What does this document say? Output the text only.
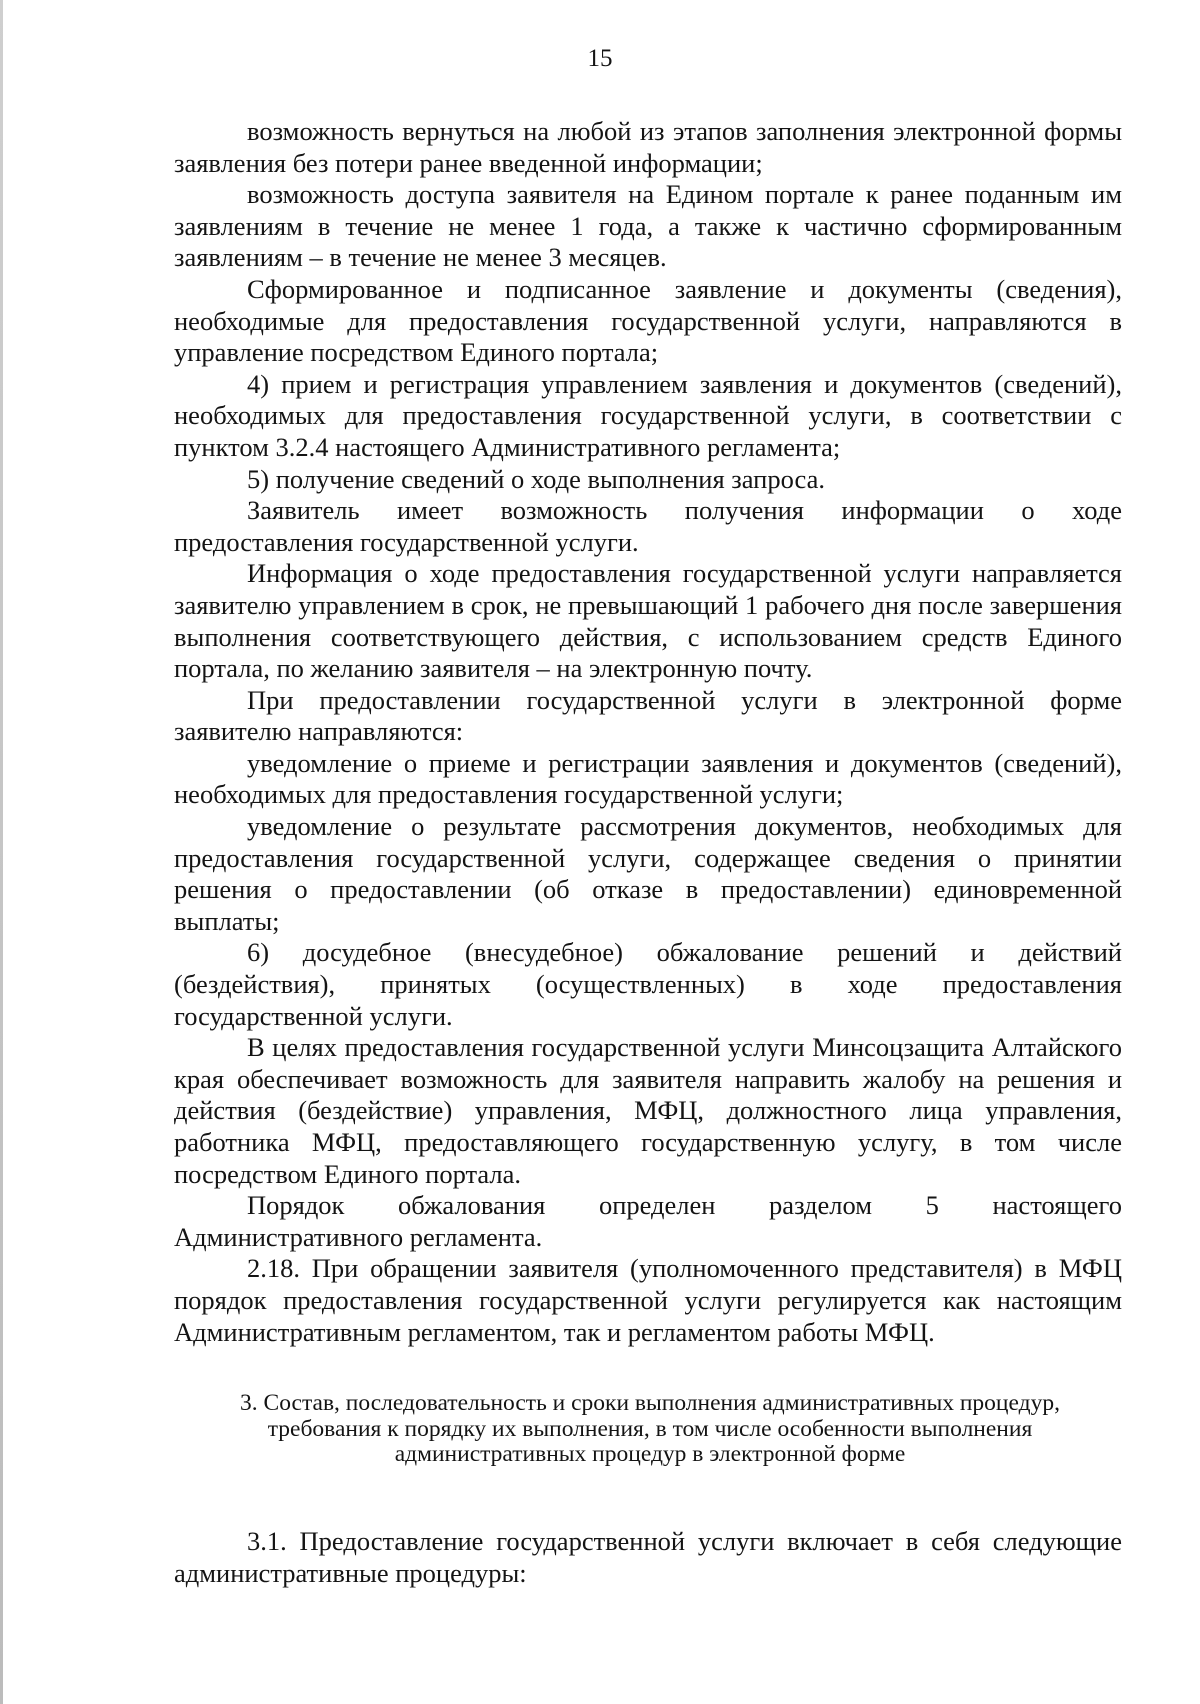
15

возможность вернуться на любой из этапов заполнения электронной формы заявления без потери ранее введенной информации;

возможность доступа заявителя на Едином портале к ранее поданным им заявлениям в течение не менее 1 года, а также к частично сформированным заявлениям – в течение не менее 3 месяцев.

Сформированное и подписанное заявление и документы (сведения), необходимые для предоставления государственной услуги, направляются в управление посредством Единого портала;

4) прием и регистрация управлением заявления и документов (сведений), необходимых для предоставления государственной услуги, в соответствии с пунктом 3.2.4 настоящего Административного регламента;

5) получение сведений о ходе выполнения запроса.

Заявитель имеет возможность получения информации о ходе предоставления государственной услуги.

Информация о ходе предоставления государственной услуги направляется заявителю управлением в срок, не превышающий 1 рабочего дня после завершения выполнения соответствующего действия, с использованием средств Единого портала, по желанию заявителя – на электронную почту.

При предоставлении государственной услуги в электронной форме заявителю направляются:

уведомление о приеме и регистрации заявления и документов (сведений), необходимых для предоставления государственной услуги;

уведомление о результате рассмотрения документов, необходимых для предоставления государственной услуги, содержащее сведения о принятии решения о предоставлении (об отказе в предоставлении) единовременной выплаты;

6) досудебное (внесудебное) обжалование решений и действий (бездействия), принятых (осуществленных) в ходе предоставления государственной услуги.

В целях предоставления государственной услуги Минсоцзащита Алтайского края обеспечивает возможность для заявителя направить жалобу на решения и действия (бездействие) управления, МФЦ, должностного лица управления, работника МФЦ, предоставляющего государственную услугу, в том числе посредством Единого портала.

Порядок обжалования определен разделом 5 настоящего Административного регламента.

2.18. При обращении заявителя (уполномоченного представителя) в МФЦ порядок предоставления государственной услуги регулируется как настоящим Административным регламентом, так и регламентом работы МФЦ.

3. Состав, последовательность и сроки выполнения административных процедур, требования к порядку их выполнения, в том числе особенности выполнения административных процедур в электронной форме

3.1. Предоставление государственной услуги включает в себя следующие административные процедуры:
